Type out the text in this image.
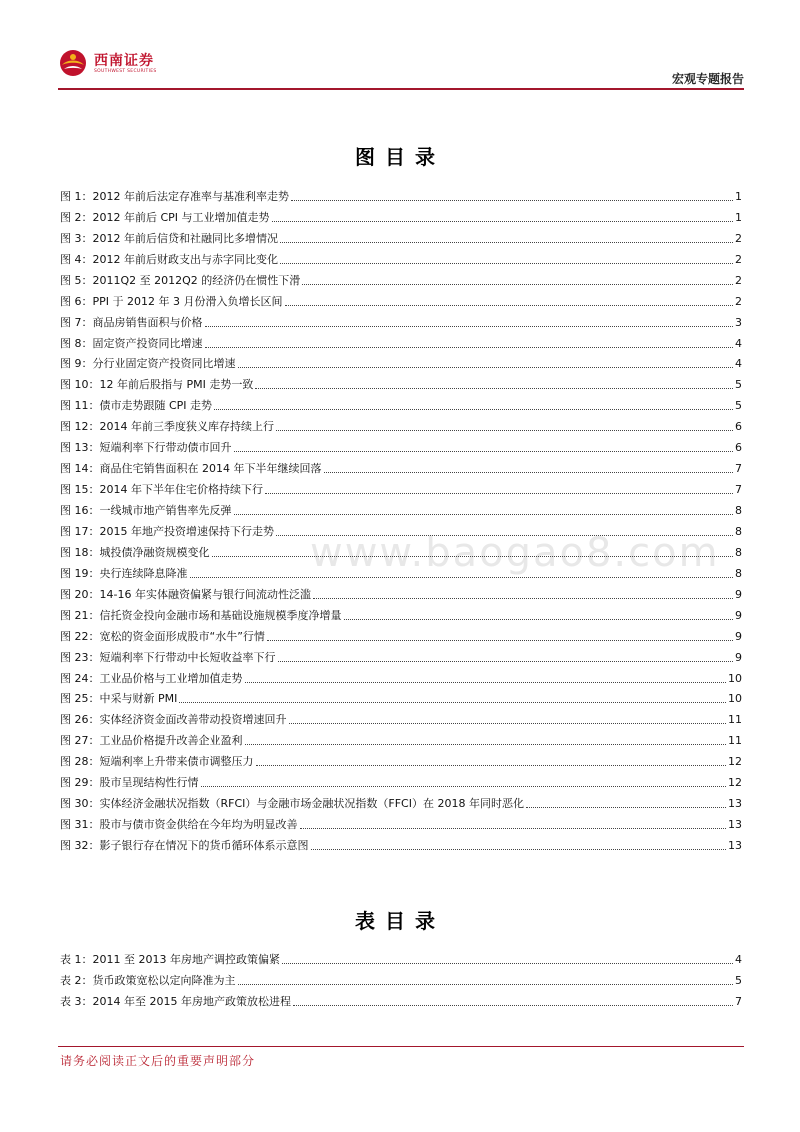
西南证券
SOUTHWEST SECURITIES
宏观专题报告
www.baogao8.com
图目录
图 1：2012 年前后法定存准率与基准利率走势	1
图 2：2012 年前后 CPI 与工业增加值走势	1
图 3：2012 年前后信贷和社融同比多增情况	2
图 4：2012 年前后财政支出与赤字同比变化	2
图 5：2011Q2 至 2012Q2 的经济仍在惯性下滑	2
图 6：PPI 于 2012 年 3 月份滑入负增长区间	2
图 7：商品房销售面积与价格	3
图 8：固定资产投资同比增速	4
图 9：分行业固定资产投资同比增速	4
图 10：12 年前后股指与 PMI 走势一致	5
图 11：债市走势跟随 CPI 走势	5
图 12：2014 年前三季度狭义库存持续上行	6
图 13：短端利率下行带动债市回升	6
图 14：商品住宅销售面积在 2014 年下半年继续回落	7
图 15：2014 年下半年住宅价格持续下行	7
图 16：一线城市地产销售率先反弹	8
图 17：2015 年地产投资增速保持下行走势	8
图 18：城投债净融资规模变化	8
图 19：央行连续降息降准	8
图 20：14-16 年实体融资偏紧与银行间流动性泛滥	9
图 21：信托资金投向金融市场和基础设施规模季度净增量	9
图 22：宽松的资金面形成股市“水牛”行情	9
图 23：短端利率下行带动中长短收益率下行	9
图 24：工业品价格与工业增加值走势	10
图 25：中采与财新 PMI	10
图 26：实体经济资金面改善带动投资增速回升	11
图 27：工业品价格提升改善企业盈利	11
图 28：短端利率上升带来债市调整压力	12
图 29：股市呈现结构性行情	12
图 30：实体经济金融状况指数（RFCI）与金融市场金融状况指数（FFCI）在 2018 年同时恶化	13
图 31：股市与债市资金供给在今年均为明显改善	13
图 32：影子银行存在情况下的货币循环体系示意图	13
表目录
表 1：2011 至 2013 年房地产调控政策偏紧	4
表 2：货币政策宽松以定向降准为主	5
表 3：2014 年至 2015 年房地产政策放松进程	7
请务必阅读正文后的重要声明部分
